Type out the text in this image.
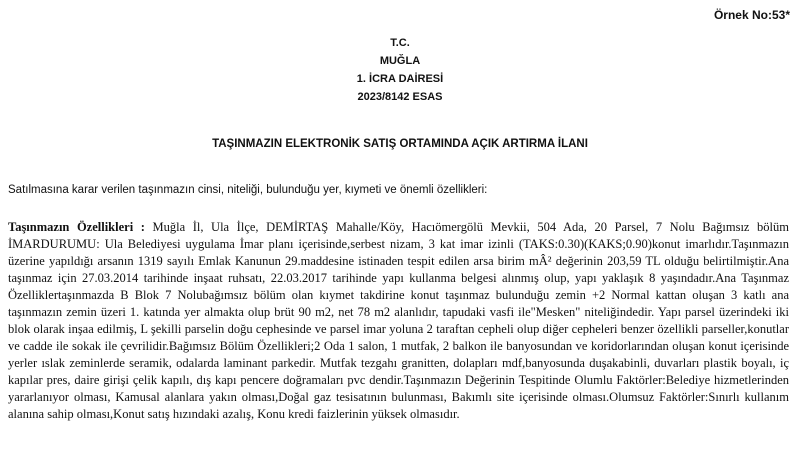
Örnek No:53*
T.C.
MUĞLA
1. İCRA DAİRESİ
2023/8142 ESAS
TAŞINMAZIN ELEKTRONİK SATIŞ ORTAMINDA AÇIK ARTIRMA İLANI
Satılmasına karar verilen taşınmazın cinsi, niteliği, bulunduğu yer, kıymeti ve önemli özellikleri:
Taşınmazın Özellikleri : Muğla İl, Ula İlçe, DEMİRTAŞ Mahalle/Köy, Hacıömergölü Mevkii, 504 Ada, 20 Parsel, 7 Nolu Bağımsız bölüm İMARDURUMU: Ula Belediyesi uygulama İmar planı içerisinde,serbest nizam, 3 kat imar izinli (TAKS:0.30)(KAKS;0.90)konut imarlıdır.Taşınmazın üzerine yapıldığı arsanın 1319 sayılı Emlak Kanunun 29.maddesine istinaden tespit edilen arsa birim mÂ² değerinin 203,59 TL olduğu belirtilmiştir.Ana taşınmaz için 27.03.2014 tarihinde inşaat ruhsatı, 22.03.2017 tarihinde yapı kullanma belgesi alınmış olup, yapı yaklaşık 8 yaşındadır.Ana Taşınmaz Özelliklertaşınmazda B Blok 7 Nolubağımsız bölüm olan kıymet takdirine konut taşınmaz bulunduğu zemin +2 Normal kattan oluşan 3 katlı ana taşınmazın zemin üzeri 1. katında yer almakta olup brüt 90 m2, net 78 m2 alanlıdır, tapudaki vasfi ile"Mesken" niteliğindedir. Yapı parsel üzerindeki iki blok olarak inşaa edilmiş, L şekilli parselin doğu cephesinde ve parsel imar yoluna 2 taraftan cepheli olup diğer cepheleri benzer özellikli parseller,konutlar ve cadde ile sokak ile çevrilidir.Bağımsız Bölüm Özellikleri;2 Oda 1 salon, 1 mutfak, 2 balkon ile banyosundan ve koridorlarından oluşan konut içerisinde yerler ıslak zeminlerde seramik, odalarda laminant parkedir. Mutfak tezgahı granitten, dolapları mdf,banyosunda duşakabinli, duvarları plastik boyalı, iç kapılar pres, daire girişi çelik kapılı, dış kapı pencere doğramaları pvc dendir.Taşınmazın Değerinin Tespitinde Olumlu Faktörler:Belediye hizmetlerinden yararlanıyor olması, Kamusal alanlara yakın olması,Doğal gaz tesisatının bulunması, Bakımlı site içerisinde olması.Olumsuz Faktörler:Sınırlı kullanım alanına sahip olması,Konut satış hızındaki azalış, Konu kredi faizlerinin yüksek olmasıdır.
